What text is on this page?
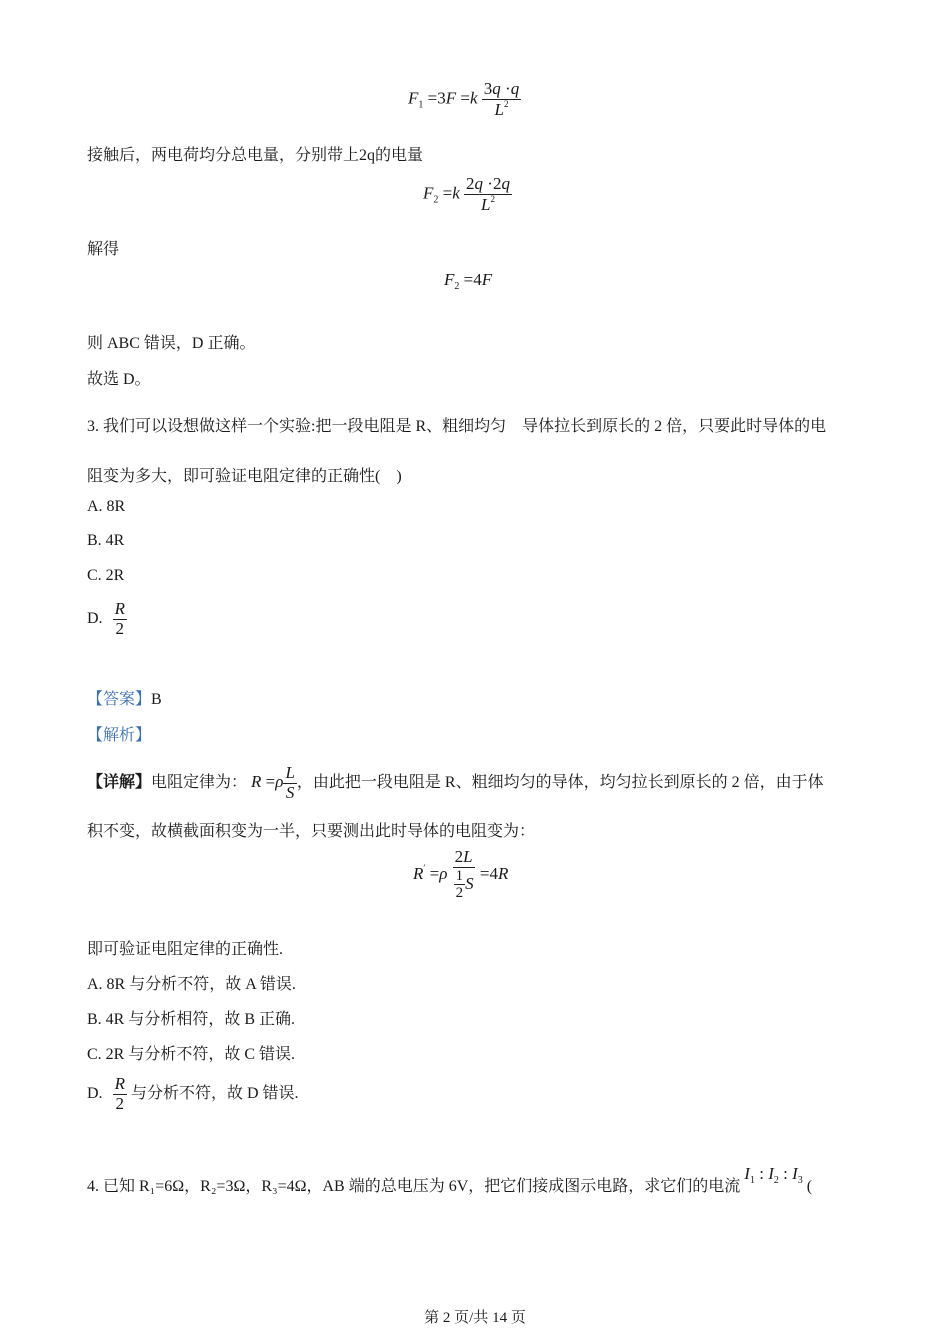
$F_1 =3F =k \frac{3q \cdot q}{L^2}$
接触后，两电荷均分总电量，分别带上2q的电量
$F_2 =k \frac{2q \cdot 2q}{L^2}$
解得
$F_2 =4F$
则 ABC 错误，D 正确。
故选 D。
3. 我们可以设想做这样一个实验:把一段电阻是 R、粗细均匀　导体拉长到原长的 2 倍，只要此时导体的电
阻变为多大，即可验证电阻定律的正确性(　)
A. 8R
B. 4R
C. 2R
D. $\frac{R}{2}$
【答案】B
【解析】
【详解】电阻定律为： $R =\rho \frac{L}{S}$ ，由此把一段电阻是 R、粗细均匀的导体，均匀拉长到原长的 2 倍，由于体
积不变，故横截面积变为一半，只要测出此时导体的电阻变为：
$R' =\rho \frac{2L}{\frac{1}{2} S} =4R$
即可验证电阻定律的正确性.
A. 8R 与分析不符，故 A 错误.
B. 4R 与分析相符，故 B 正确.
C. 2R 与分析不符，故 C 错误.
D. $\frac{R}{2}$ 与分析不符，故 D 错误.
4. 已知 R₁=6Ω，R₂=3Ω，R₃=4Ω，AB 端的总电压为 6V，把它们接成图示电路，求它们的电流 $I_1$ : $I_2$ : $I_3$ (
第 2 页/共 14 页
